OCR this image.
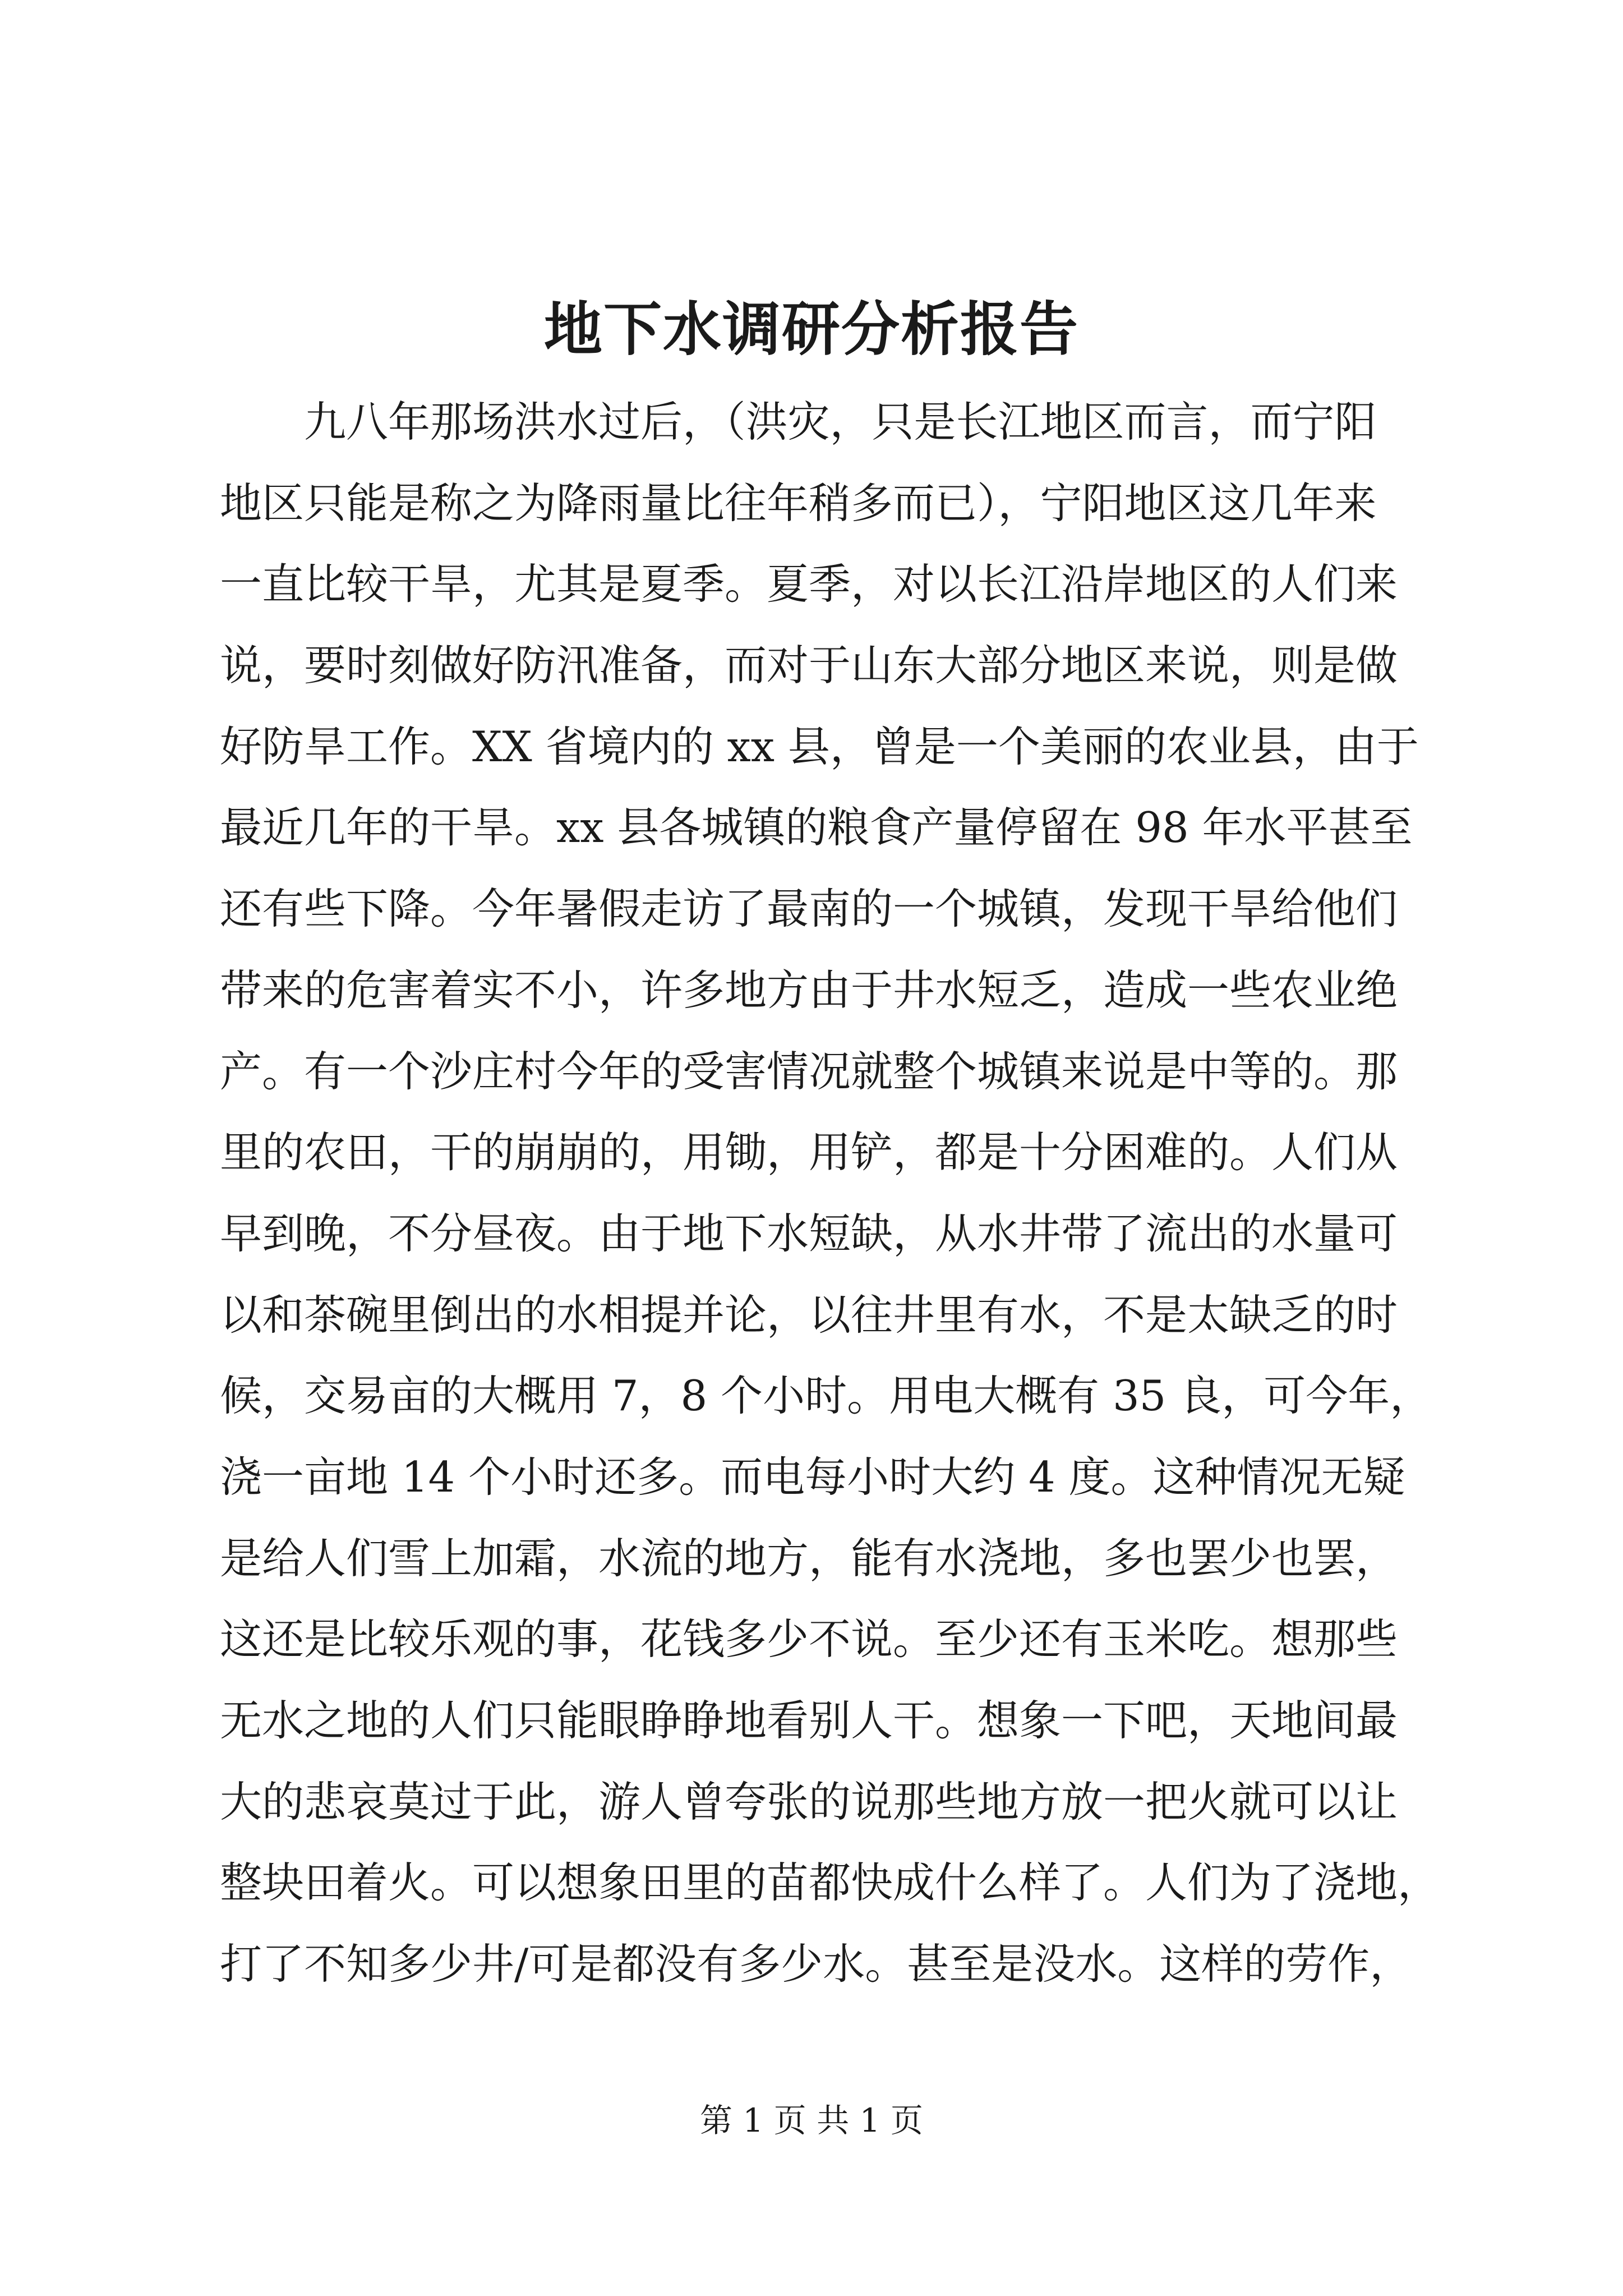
地下水调研分析报告
九八年那场洪水过后，（洪灾，只是长江地区而言，而宁阳
地区只能是称之为降雨量比往年稍多而已），宁阳地区这几年来
一直比较干旱，尤其是夏季。夏季，对以长江沿岸地区的人们来
说，要时刻做好防汛准备，而对于山东大部分地区来说，则是做
好防旱工作。XX 省境内的 xx 县，曾是一个美丽的农业县，由于
最近几年的干旱。xx 县各城镇的粮食产量停留在 98 年水平甚至
还有些下降。今年暑假走访了最南的一个城镇，发现干旱给他们
带来的危害着实不小，许多地方由于井水短乏，造成一些农业绝
产。有一个沙庄村今年的受害情况就整个城镇来说是中等的。那
里的农田，干的崩崩的，用锄，用铲，都是十分困难的。人们从
早到晚，不分昼夜。由于地下水短缺，从水井带了流出的水量可
以和茶碗里倒出的水相提并论，以往井里有水，不是太缺乏的时
候，交易亩的大概用 7，8 个小时。用电大概有 35 良，可今年，
浇一亩地 14 个小时还多。而电每小时大约 4 度。这种情况无疑
是给人们雪上加霜，水流的地方，能有水浇地，多也罢少也罢，
这还是比较乐观的事，花钱多少不说。至少还有玉米吃。想那些
无水之地的人们只能眼睁睁地看别人干。想象一下吧，天地间最
大的悲哀莫过于此，游人曾夸张的说那些地方放一把火就可以让
整块田着火。可以想象田里的苗都快成什么样了。人们为了浇地，
打了不知多少井/可是都没有多少水。甚至是没水。这样的劳作，
第 1 页 共 1 页
